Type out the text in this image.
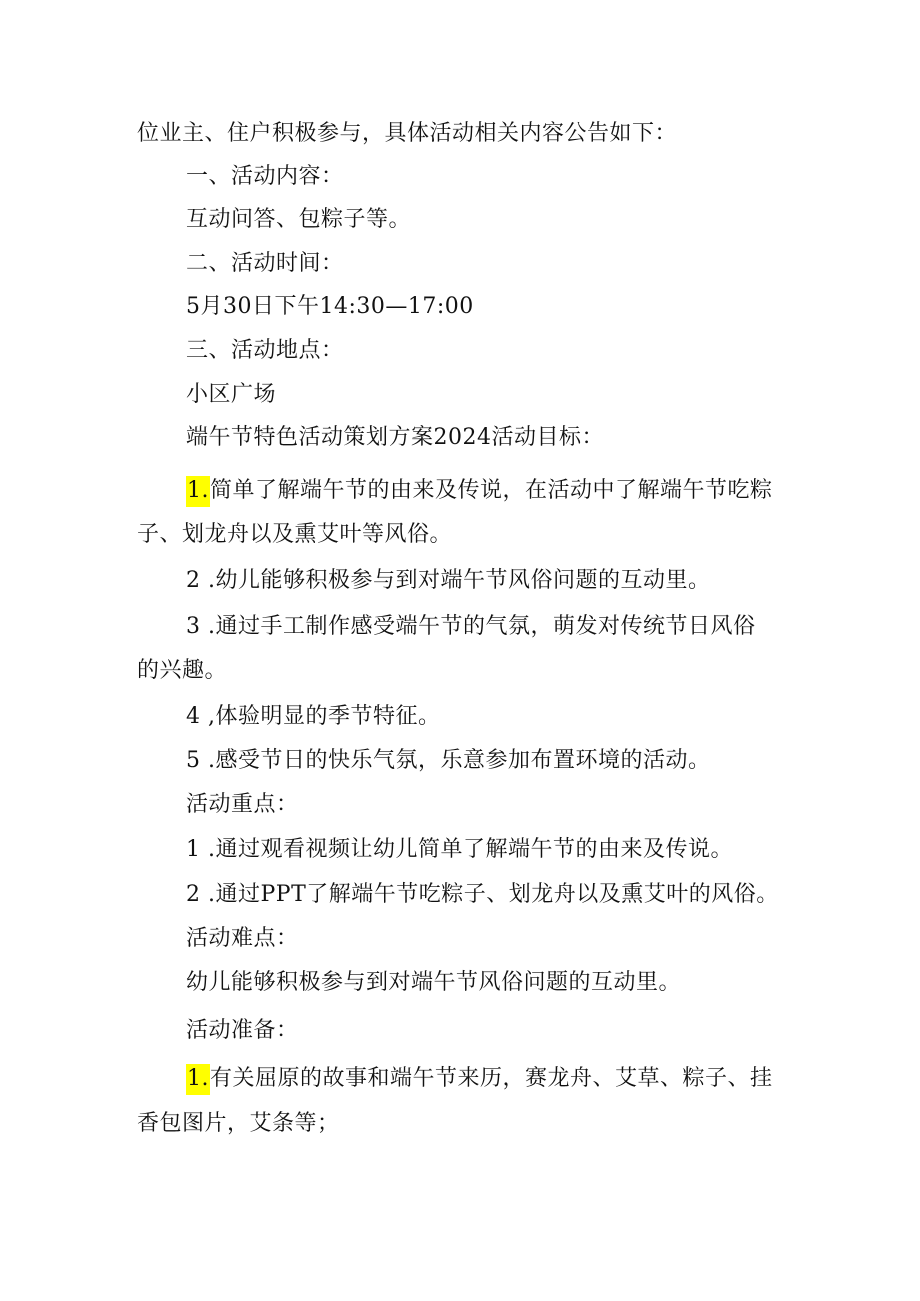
位业主、住户积极参与，具体活动相关内容公告如下：
一、活动内容：
互动问答、包粽子等。
二、活动时间：
5月30日下午14:30—17:00
三、活动地点：
小区广场
端午节特色活动策划方案2024活动目标：
1.简单了解端午节的由来及传说，在活动中了解端午节吃粽
子、划龙舟以及熏艾叶等风俗。
2 .幼儿能够积极参与到对端午节风俗问题的互动里。
3 .通过手工制作感受端午节的气氛，萌发对传统节日风俗
的兴趣。
4 ,体验明显的季节特征。
5 .感受节日的快乐气氛，乐意参加布置环境的活动。
活动重点：
1 .通过观看视频让幼儿简单了解端午节的由来及传说。
2 .通过PPT了解端午节吃粽子、划龙舟以及熏艾叶的风俗。
活动难点：
幼儿能够积极参与到对端午节风俗问题的互动里。
活动准备：
1.有关屈原的故事和端午节来历，赛龙舟、艾草、粽子、挂
香包图片，艾条等；
